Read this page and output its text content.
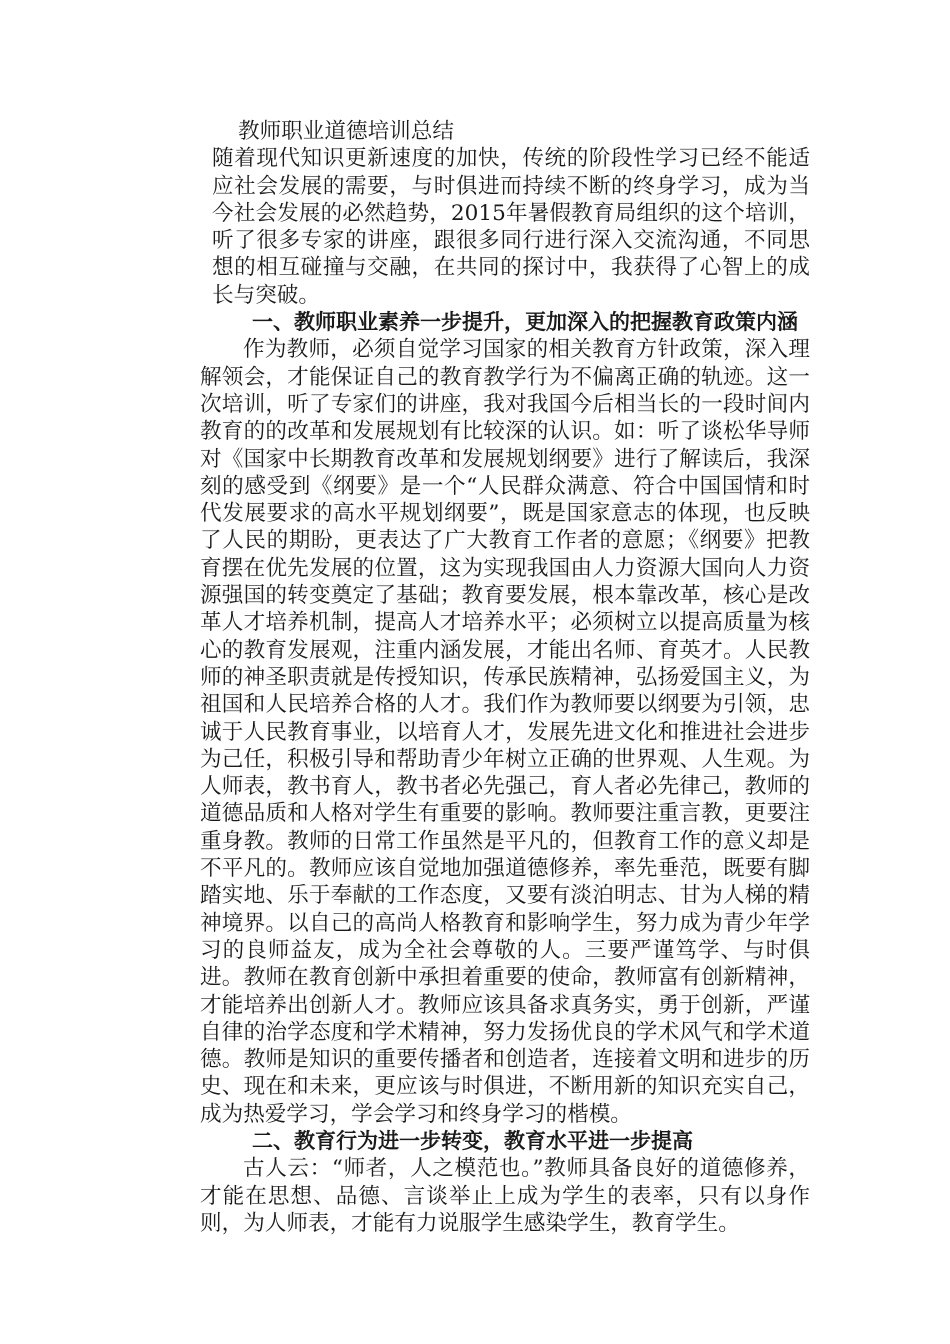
教师职业道德培训总结

随着现代知识更新速度的加快，传统的阶段性学习已经不能适应社会发展的需要，与时俱进而持续不断的终身学习，成为当今社会发展的必然趋势，2015年暑假教育局组织的这个培训，听了很多专家的讲座，跟很多同行进行深入交流沟通，不同思想的相互碰撞与交融，在共同的探讨中，我获得了心智上的成长与突破。

一、教师职业素养一步提升，更加深入的把握教育政策内涵

作为教师，必须自觉学习国家的相关教育方针政策，深入理解领会，才能保证自己的教育教学行为不偏离正确的轨迹。这一次培训，听了专家们的讲座，我对我国今后相当长的一段时间内教育的的改革和发展规划有比较深的认识。如：听了谈松华导师对《国家中长期教育改革和发展规划纲要》进行了解读后，我深刻的感受到《纲要》是一个“人民群众满意、符合中国国情和时代发展要求的高水平规划纲要”，既是国家意志的体现，也反映了人民的期盼，更表达了广大教育工作者的意愿；《纲要》把教育摆在优先发展的位置，这为实现我国由人力资源大国向人力资源强国的转变奠定了基础；教育要发展，根本靠改革，核心是改革人才培养机制，提高人才培养水平；必须树立以提高质量为核心的教育发展观，注重内涵发展，才能出名师、育英才。人民教师的神圣职责就是传授知识，传承民族精神，弘扬爱国主义，为祖国和人民培养合格的人才。我们作为教师要以纲要为引领，忠诚于人民教育事业，以培育人才，发展先进文化和推进社会进步为己任，积极引导和帮助青少年树立正确的世界观、人生观。为人师表，教书育人，教书者必先强己，育人者必先律己，教师的道德品质和人格对学生有重要的影响。教师要注重言教，更要注重身教。教师的日常工作虽然是平凡的，但教育工作的意义却是不平凡的。教师应该自觉地加强道德修养，率先垂范，既要有脚踏实地、乐于奉献的工作态度，又要有淡泊明志、甘为人梯的精神境界。以自己的高尚人格教育和影响学生，努力成为青少年学习的良师益友，成为全社会尊敬的人。三要严谨笃学、与时俱进。教师在教育创新中承担着重要的使命，教师富有创新精神，才能培养出创新人才。教师应该具备求真务实，勇于创新，严谨自律的治学态度和学术精神，努力发扬优良的学术风气和学术道德。教师是知识的重要传播者和创造者，连接着文明和进步的历史、现在和未来，更应该与时俱进，不断用新的知识充实自己，成为热爱学习，学会学习和终身学习的楷模。

二、教育行为进一步转变，教育水平进一步提高

古人云：“师者，人之模范也。”教师具备良好的道德修养，才能在思想、品德、言谈举止上成为学生的表率，只有以身作则，为人师表，才能有力说服学生感染学生，教育学生。
